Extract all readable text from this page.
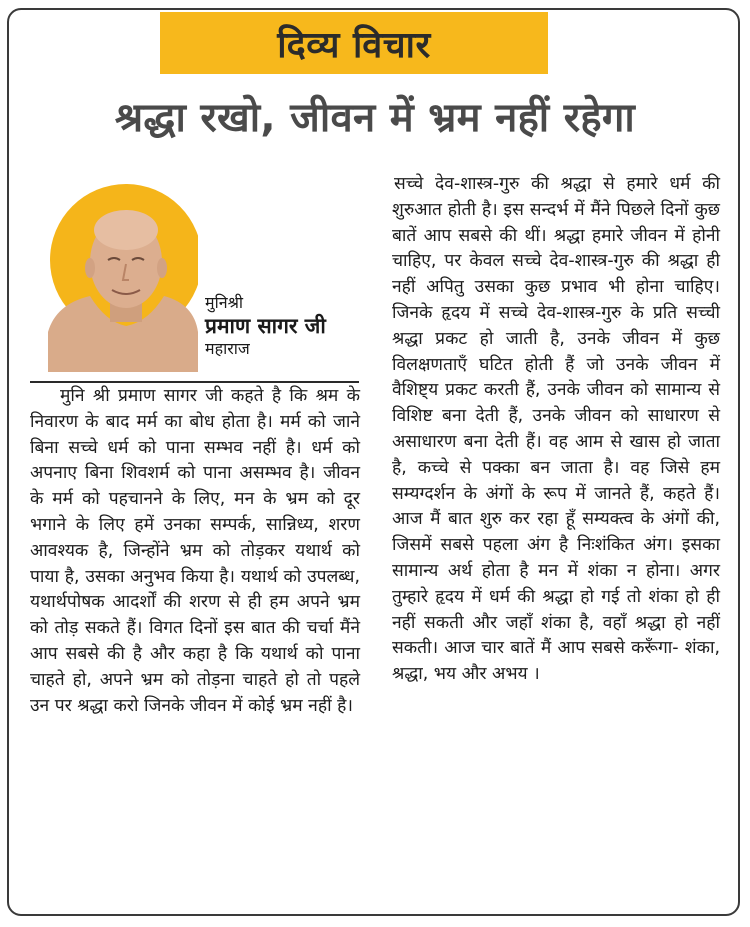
दिव्य विचार
श्रद्धा रखो, जीवन में भ्रम नहीं रहेगा
मुनिश्री
प्रमाण सागर जी
महाराज
मुनि श्री प्रमाण सागर जी कहते है कि श्रम के निवारण के बाद मर्म का बोध होता है। मर्म को जाने बिना सच्चे धर्म को पाना सम्भव नहीं है। धर्म को अपनाए बिना शिवशर्म को पाना असम्भव है। जीवन के मर्म को पहचानने के लिए, मन के भ्रम को दूर भगाने के लिए हमें उनका सम्पर्क, सान्निध्य, शरण आवश्यक है, जिन्होंने भ्रम को तोड़कर यथार्थ को पाया है, उसका अनुभव किया है। यथार्थ को उपलब्ध, यथार्थपोषक आदर्शों की शरण से ही हम अपने भ्रम को तोड़ सकते हैं। विगत दिनों इस बात की चर्चा मैंने आप सबसे की है और कहा है कि यथार्थ को पाना चाहते हो, अपने भ्रम को तोड़ना चाहते हो तो पहले उन पर श्रद्धा करो जिनके जीवन में कोई भ्रम नहीं है।
सच्चे देव-शास्त्र-गुरु की श्रद्धा से हमारे धर्म की शुरुआत होती है। इस सन्दर्भ में मैंने पिछले दिनों कुछ बातें आप सबसे की थीं। श्रद्धा हमारे जीवन में होनी चाहिए, पर केवल सच्चे देव-शास्त्र-गुरु की श्रद्धा ही नहीं अपितु उसका कुछ प्रभाव भी होना चाहिए। जिनके हृदय में सच्चे देव-शास्त्र-गुरु के प्रति सच्ची श्रद्धा प्रकट हो जाती है, उनके जीवन में कुछ विलक्षणताएँ घटित होती हैं जो उनके जीवन में वैशिष्ट्य प्रकट करती हैं, उनके जीवन को सामान्य से विशिष्ट बना देती हैं, उनके जीवन को साधारण से असाधारण बना देती हैं। वह आम से खास हो जाता है, कच्चे से पक्का बन जाता है। वह जिसे हम सम्यग्दर्शन के अंगों के रूप में जानते हैं, कहते हैं। आज मैं बात शुरु कर रहा हूँ सम्यक्त्व के अंगों की, जिसमें सबसे पहला अंग है निःशंकित अंग। इसका सामान्य अर्थ होता है मन में शंका न होना। अगर तुम्हारे हृदय में धर्म की श्रद्धा हो गई तो शंका हो ही नहीं सकती और जहाँ शंका है, वहाँ श्रद्धा हो नहीं सकती। आज चार बातें मैं आप सबसे करूँगा- शंका, श्रद्धा, भय और अभय ।
